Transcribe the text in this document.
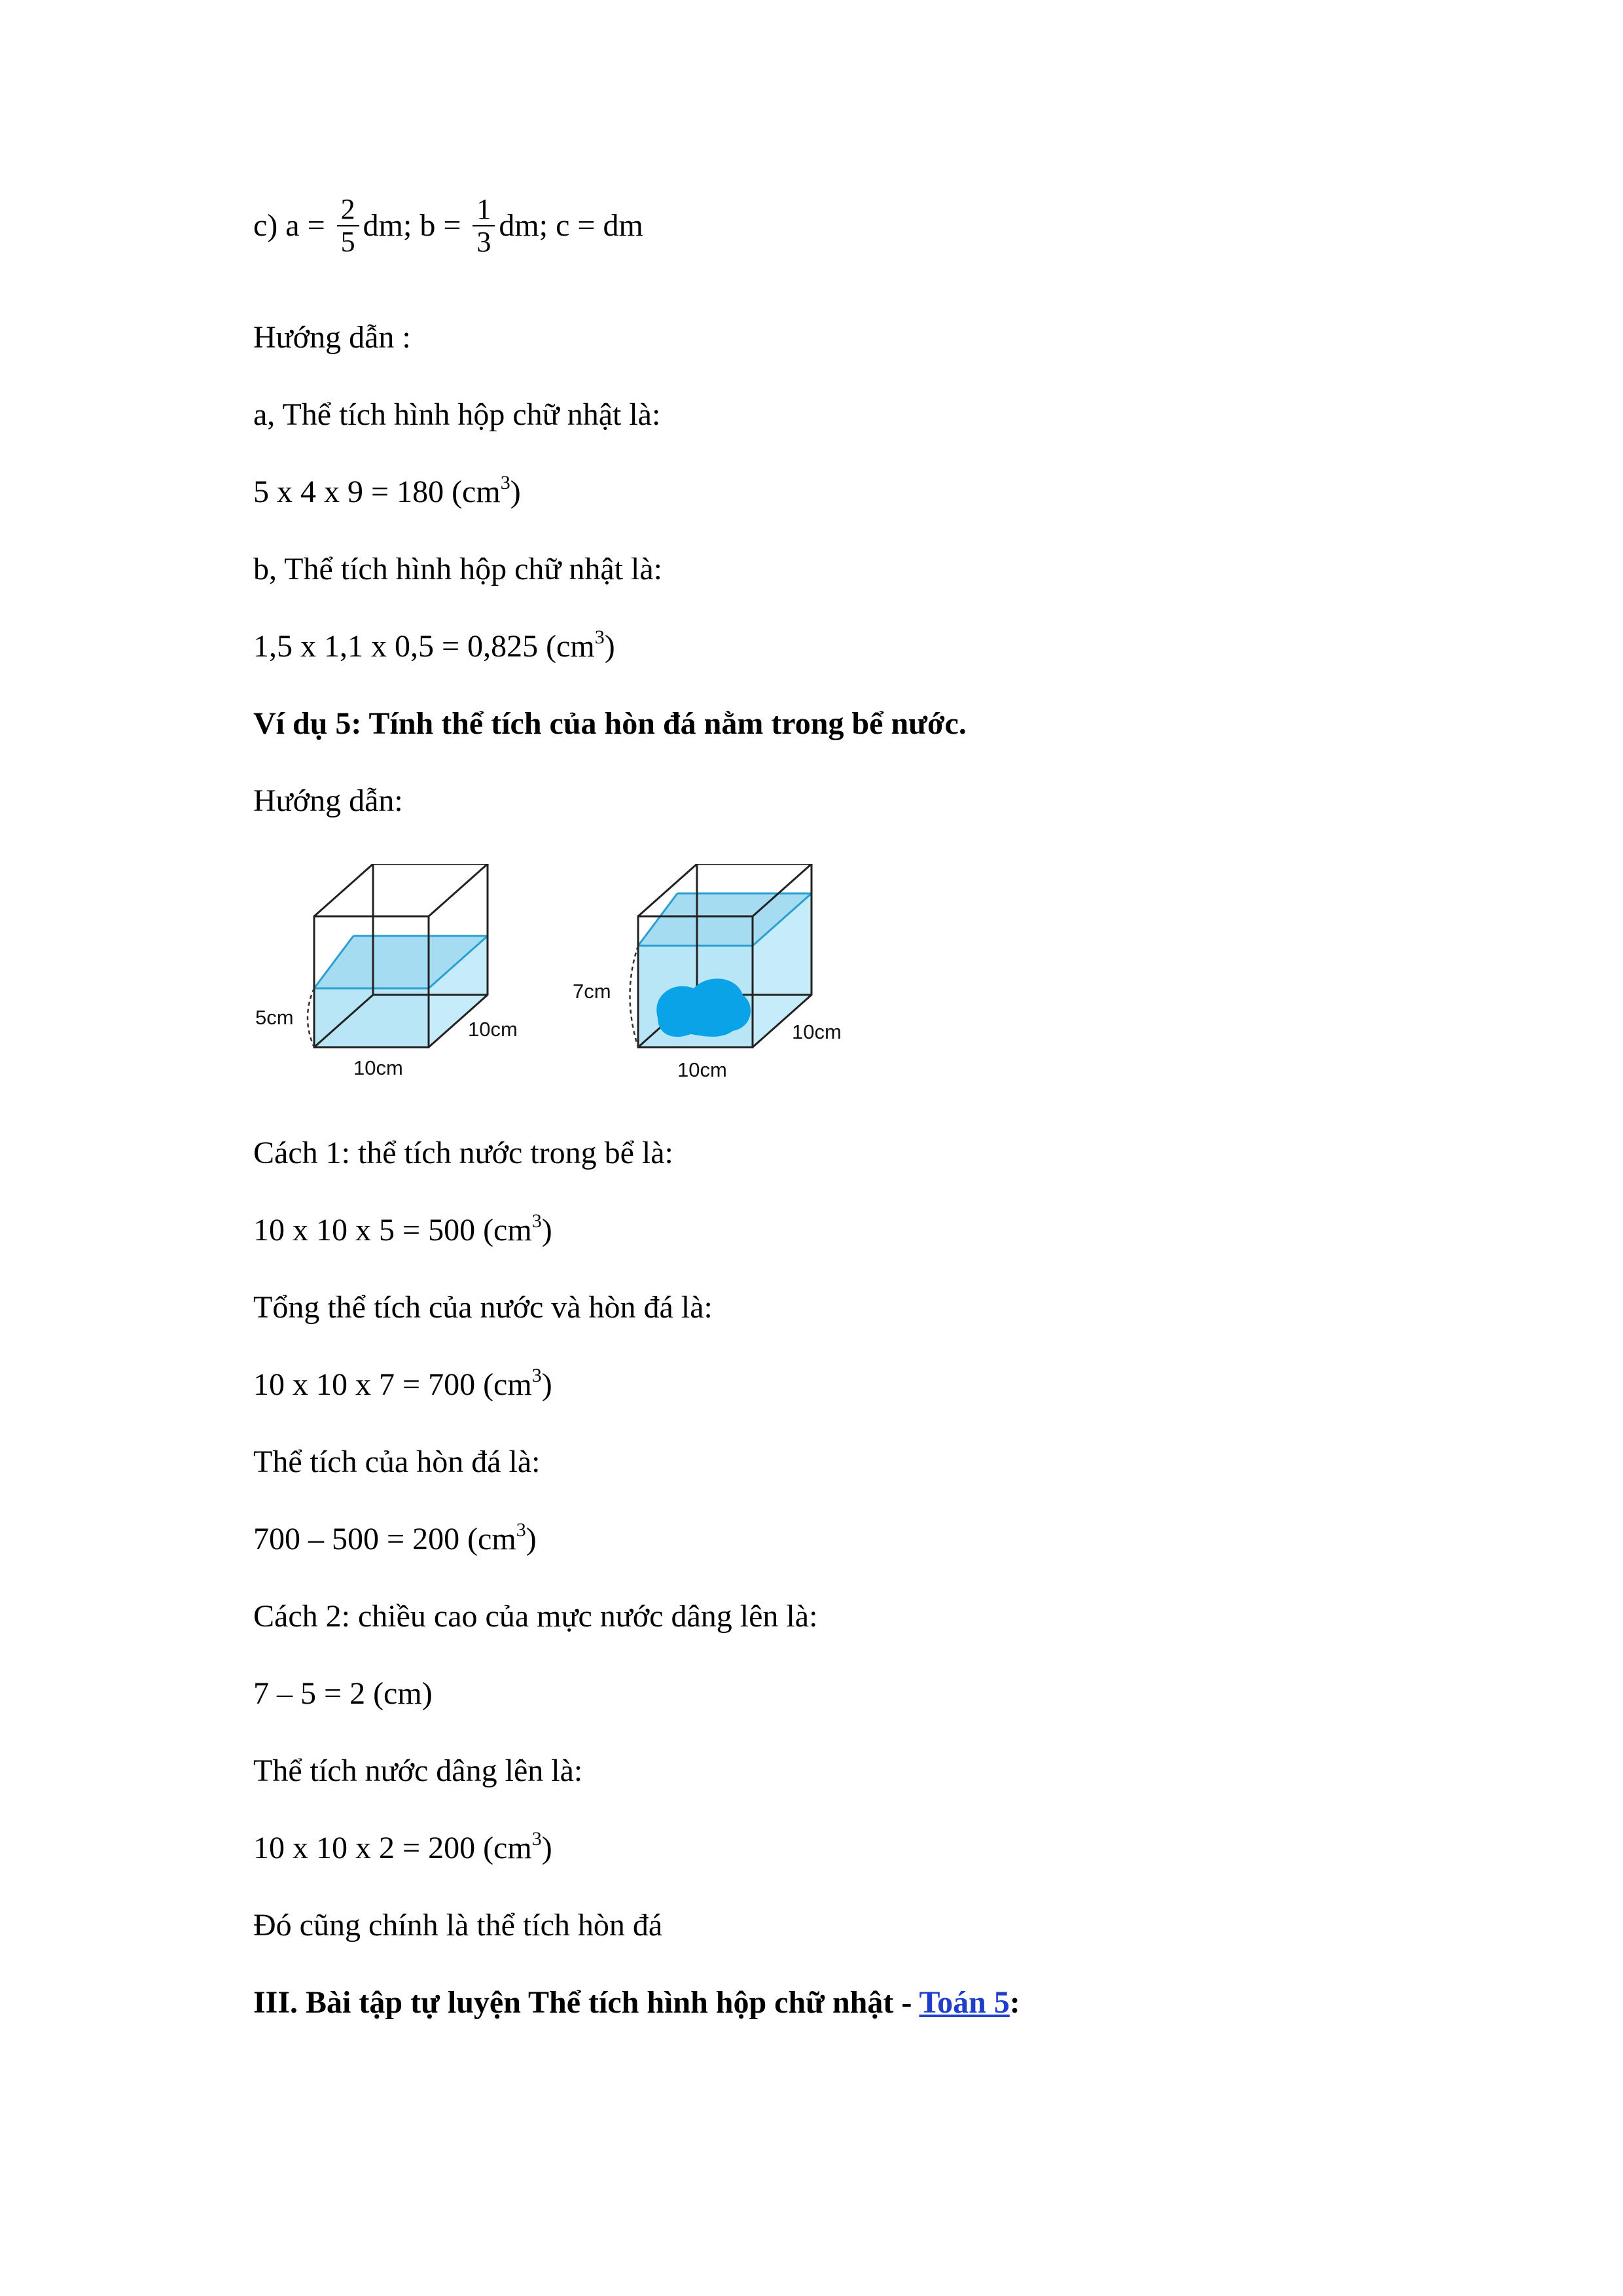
c) $a = \frac{2}{5}$ dm; $b = \frac{1}{3}$ dm; c = dm
Hướng dẫn :
a, Thể tích hình hộp chữ nhật là:
5 x 4 x 9 = 180 $(cm^3)$
b, Thể tích hình hộp chữ nhật là:
1,5 x 1,1 x 0,5 = 0,825 $(cm^3)$
Ví dụ 5: Tính thể tích của hòn đá nằm trong bể nước.
Hướng dẫn:
5cm
10cm
10cm
7cm
10cm
10cm
Cách 1: thể tích nước trong bể là:
10 x 10 x 5 = 500 $(cm^3)$
Tổng thể tích của nước và hòn đá là:
10 x 10 x 7 = 700 $(cm^3)$
Thể tích của hòn đá là:
700 – 500 = 200 $(cm^3)$
Cách 2: chiều cao của mực nước dâng lên là:
7 – 5 = 2 (cm)
Thể tích nước dâng lên là:
10 x 10 x 2 = 200 $(cm^3)$
Đó cũng chính là thể tích hòn đá
III. Bài tập tự luyện Thể tích hình hộp chữ nhật - Toán 5:
